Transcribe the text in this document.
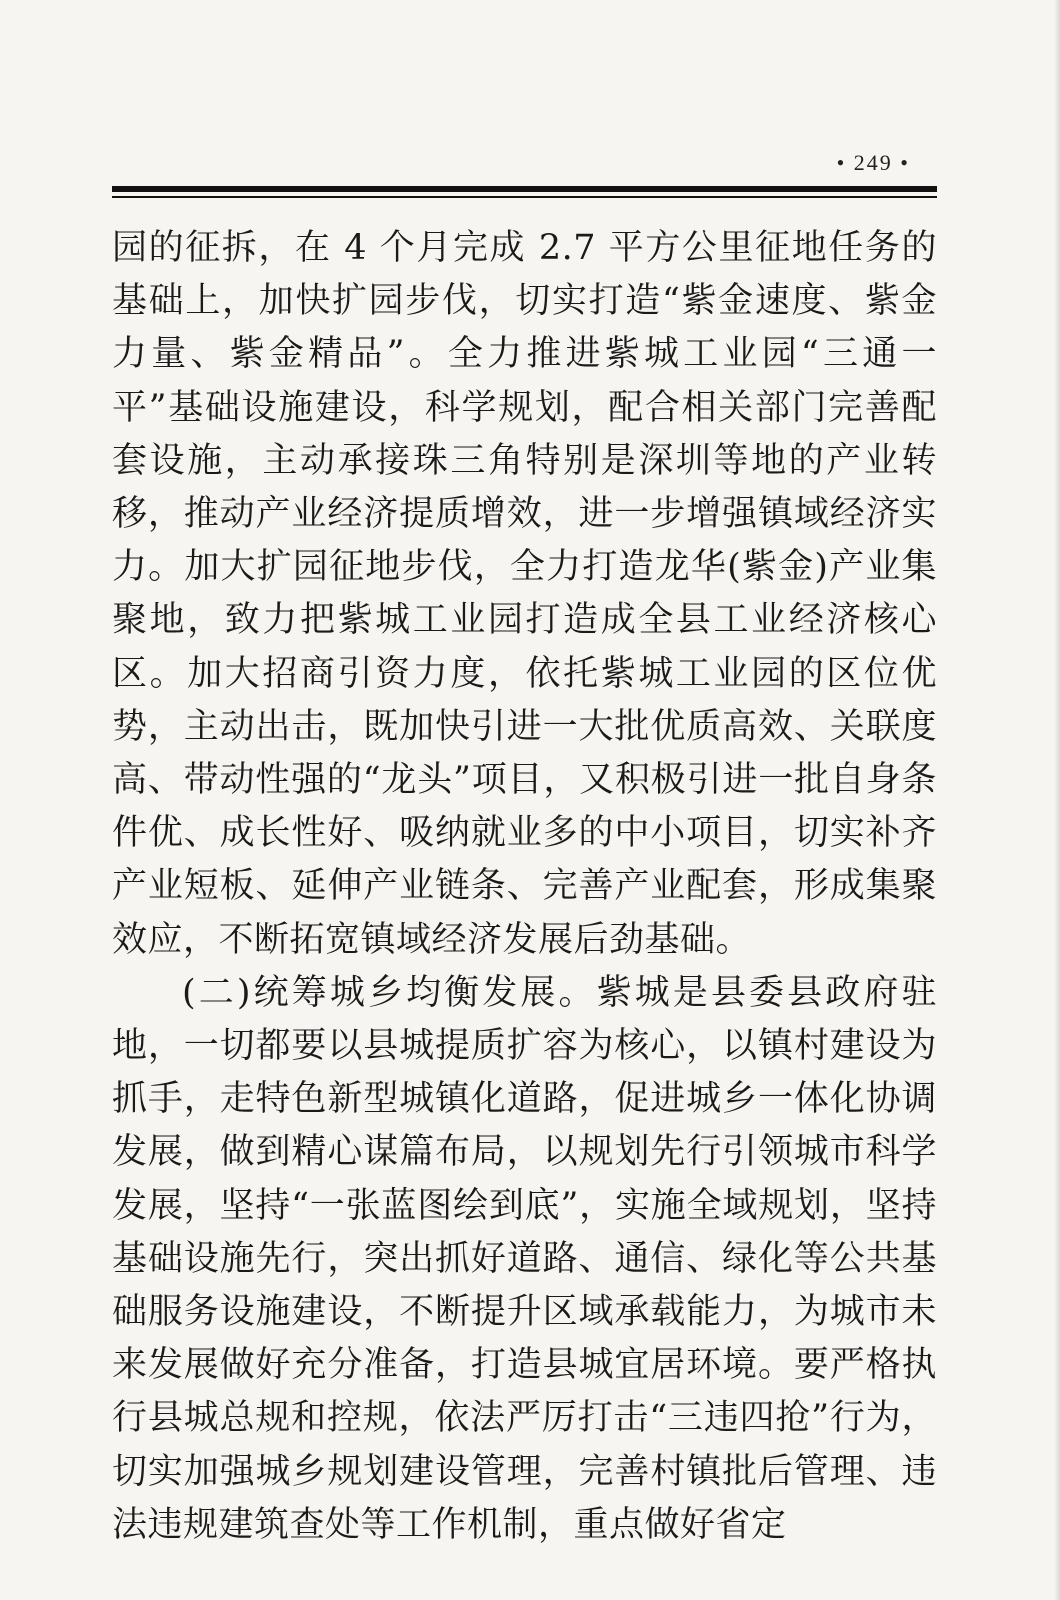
• 249 •

园的征拆，在 4 个月完成 2.7 平方公里征地任务的基础上，加快扩园步伐，切实打造“紫金速度、紫金力量、紫金精品”。全力推进紫城工业园“三通一平”基础设施建设，科学规划，配合相关部门完善配套设施，主动承接珠三角特别是深圳等地的产业转移，推动产业经济提质增效，进一步增强镇域经济实力。加大扩园征地步伐，全力打造龙华(紫金)产业集聚地，致力把紫城工业园打造成全县工业经济核心区。加大招商引资力度，依托紫城工业园的区位优势，主动出击，既加快引进一大批优质高效、关联度高、带动性强的“龙头”项目，又积极引进一批自身条件优、成长性好、吸纳就业多的中小项目，切实补齐产业短板、延伸产业链条、完善产业配套，形成集聚效应，不断拓宽镇域经济发展后劲基础。

(二)统筹城乡均衡发展。紫城是县委县政府驻地，一切都要以县城提质扩容为核心，以镇村建设为抓手，走特色新型城镇化道路，促进城乡一体化协调发展，做到精心谋篇布局，以规划先行引领城市科学发展，坚持“一张蓝图绘到底”，实施全域规划，坚持基础设施先行，突出抓好道路、通信、绿化等公共基础服务设施建设，不断提升区域承载能力，为城市未来发展做好充分准备，打造县城宜居环境。要严格执行县城总规和控规，依法严厉打击“三违四抢”行为，切实加强城乡规划建设管理，完善村镇批后管理、违法违规建筑查处等工作机制，重点做好省定
